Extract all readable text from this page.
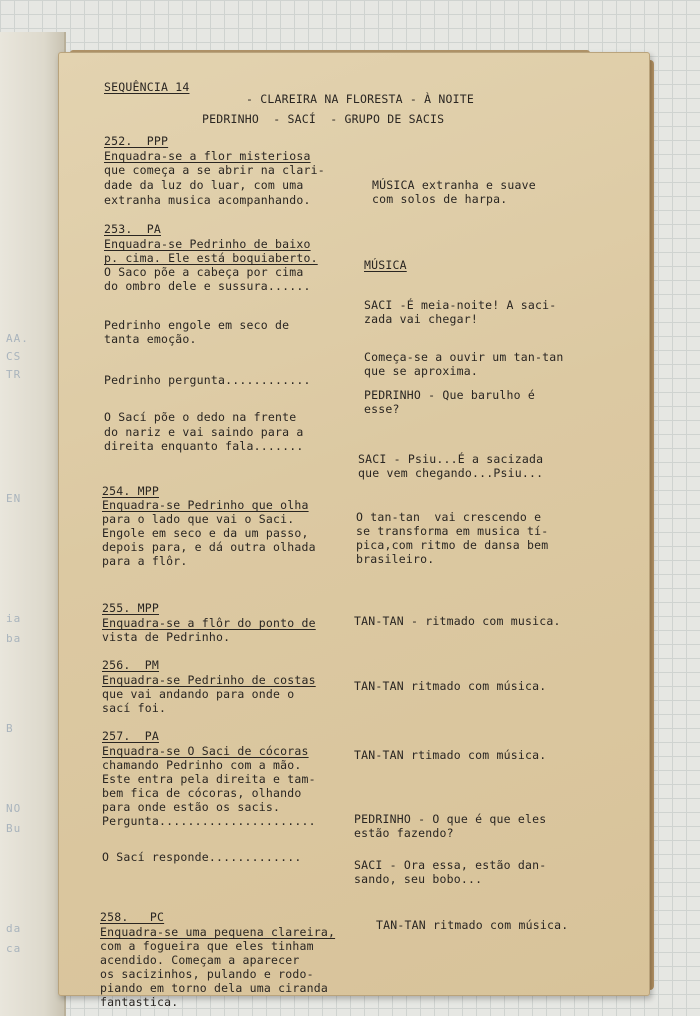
AA.
CS
TR
EN
ia
ba
B
NO
Bu
da
ca
SEQUÊNCIA 14
- CLAREIRA NA FLORESTA - À NOITE
PEDRINHO  - SACÍ  - GRUPO DE SACIS
252.  PPP
Enquadra-se a flor misteriosa
que começa a se abrir na clari-
dade da luz do luar, com uma
extranha musica acompanhando.
253.  PA
Enquadra-se Pedrinho de baixo
p. cima. Ele está boquiaberto.
O Saco põe a cabeça por cima
do ombro dele e sussura......
Pedrinho engole em seco de
tanta emoção.
Pedrinho pergunta............
O Sací põe o dedo na frente
do nariz e vai saindo para a
direita enquanto fala.......
254. MPP
Enquadra-se Pedrinho que olha
para o lado que vai o Saci.
Engole em seco e da um passo,
depois para, e dá outra olhada
para a flôr.
255. MPP
Enquadra-se a flôr do ponto de
vista de Pedrinho.
256.  PM
Enquadra-se Pedrinho de costas
que vai andando para onde o
sací foi.
257.  PA
Enquadra-se O Saci de cócoras
chamando Pedrinho com a mão.
Este entra pela direita e tam-
bem fica de cócoras, olhando
para onde estão os sacis.
Pergunta......................
O Sací responde.............
258.   PC
Enquadra-se uma pequena clareira,
com a fogueira que eles tinham
acendido. Começam a aparecer
os sacizinhos, pulando e rodo-
piando em torno dela uma ciranda
fantastica.
MÚSICA extranha e suave
com solos de harpa.
MÚSICA
SACI -É meia-noite! A saci-
zada vai chegar!
Começa-se a ouvir um tan-tan
que se aproxima.
PEDRINHO - Que barulho é
esse?
SACI - Psiu...É a sacizada
que vem chegando...Psiu...
O tan-tan  vai crescendo e
se transforma em musica tí-
pica,com ritmo de dansa bem
brasileiro.
TAN-TAN - ritmado com musica.
TAN-TAN ritmado com música.
TAN-TAN rtimado com música.
PEDRINHO - O que é que eles
estão fazendo?
SACI - Ora essa, estão dan-
sando, seu bobo...
TAN-TAN ritmado com música.
